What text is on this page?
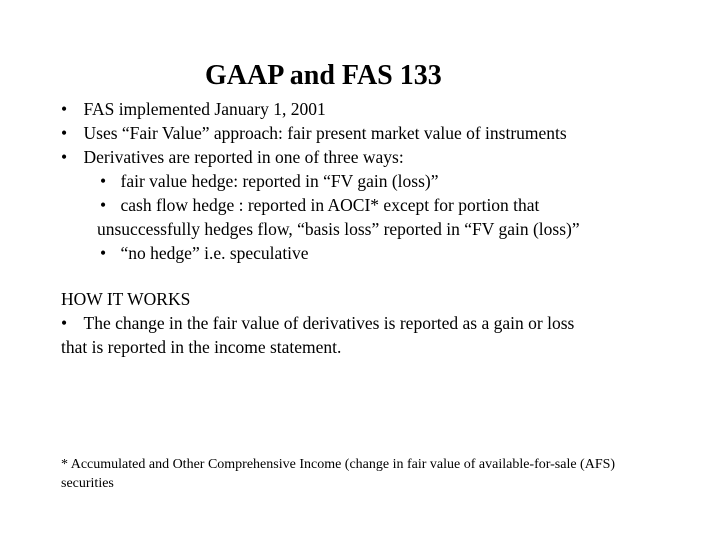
GAAP and FAS 133
• FAS implemented January 1, 2001
• Uses “Fair Value” approach: fair present market value of instruments
• Derivatives are reported in one of three ways:
• fair value hedge: reported in “FV gain (loss)”
• cash flow hedge : reported in AOCI* except for portion that
unsuccessfully hedges flow, “basis loss” reported in “FV gain (loss)”
• “no hedge” i.e. speculative
HOW IT WORKS
• The change in the fair value of derivatives is reported as a gain or loss
that is reported in the income statement.
* Accumulated and Other Comprehensive Income (change in fair value of available-for-sale (AFS) securities
